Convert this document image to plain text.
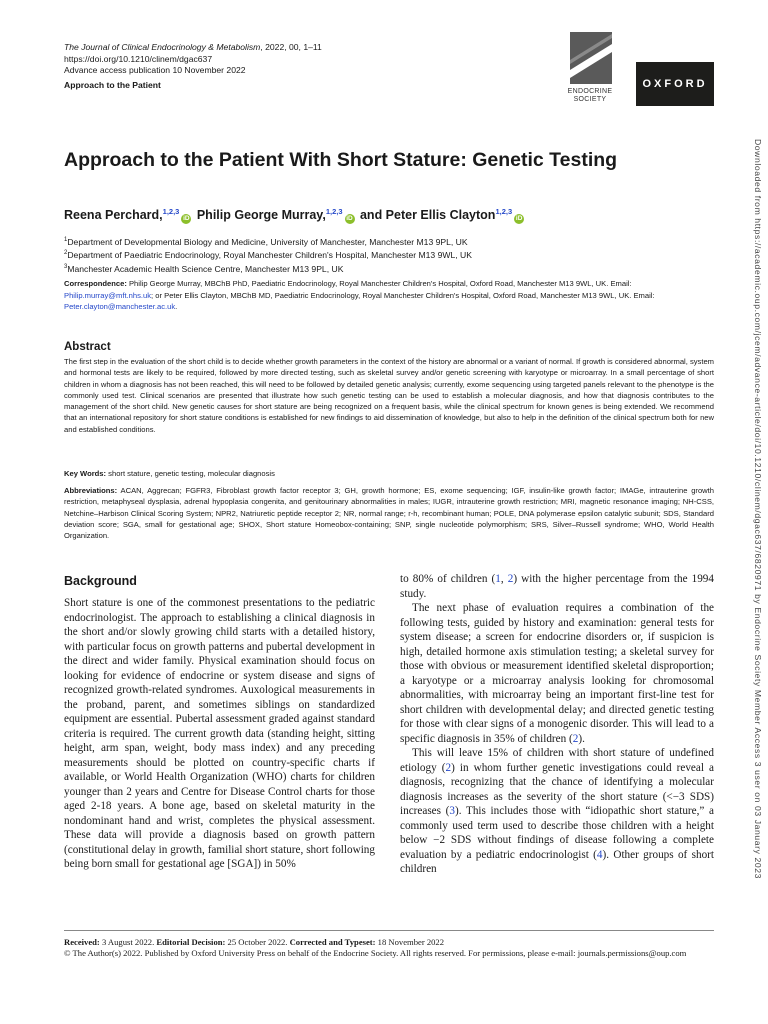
The Journal of Clinical Endocrinology & Metabolism, 2022, 00, 1–11
https://doi.org/10.1210/clinem/dgac637
Advance access publication 10 November 2022
Approach to the Patient
ENDOCRINE
SOCIETY
OXFORD
Approach to the Patient With Short Stature: Genetic Testing
Reena Perchard,$^{1,2,3}$iD Philip George Murray,$^{1,2,3}$iD and Peter Ellis Clayton$^{1,2,3}$iD
$^1$Department of Developmental Biology and Medicine, University of Manchester, Manchester M13 9PL, UK
$^2$Department of Paediatric Endocrinology, Royal Manchester Children's Hospital, Manchester M13 9WL, UK
$^3$Manchester Academic Health Science Centre, Manchester M13 9PL, UK
Correspondence: Philip George Murray, MBChB PhD, Paediatric Endocrinology, Royal Manchester Children's Hospital, Oxford Road, Manchester M13 9WL, UK. Email: Philip.murray@mft.nhs.uk; or Peter Ellis Clayton, MBChB MD, Paediatric Endocrinology, Royal Manchester Children's Hospital, Oxford Road, Manchester M13 9WL, UK. Email: Peter.clayton@manchester.ac.uk.
Abstract
The first step in the evaluation of the short child is to decide whether growth parameters in the context of the history are abnormal or a variant of normal. If growth is considered abnormal, system and hormonal tests are likely to be required, followed by more directed testing, such as skeletal survey and/or genetic screening with karyotype or microarray. In a small percentage of short children in whom a diagnosis has not been reached, this will need to be followed by detailed genetic analysis; currently, exome sequencing using targeted panels relevant to the phenotype is the commonly used test. Clinical scenarios are presented that illustrate how such genetic testing can be used to establish a molecular diagnosis, and how that diagnosis contributes to the management of the short child. New genetic causes for short stature are being recognized on a frequent basis, while the clinical spectrum for known genes is being extended. We recommend that an international repository for short stature conditions is established for new findings to aid dissemination of knowledge, but also to help in the definition of the clinical spectrum both for new and established conditions.
Key Words: short stature, genetic testing, molecular diagnosis
Abbreviations: ACAN, Aggrecan; FGFR3, Fibroblast growth factor receptor 3; GH, growth hormone; ES, exome sequencing; IGF, insulin-like growth factor; IMAGe, intrauterine growth restriction, metaphyseal dysplasia, adrenal hypoplasia congenita, and genitourinary abnormalities in males; IUGR, intrauterine growth restriction; MRI, magnetic resonance imaging; NH-CSS, Netchine–Harbison Clinical Scoring System; NPR2, Natriuretic peptide receptor 2; NR, normal range; r-h, recombinant human; POLE, DNA polymerase epsilon catalytic subunit; SDS, Standard deviation score; SGA, small for gestational age; SHOX, Short stature Homeobox-containing; SNP, single nucleotide polymorphism; SRS, Silver–Russell syndrome; WHO, World Health Organization.
Background

Short stature is one of the commonest presentations to the pediatric endocrinologist. The approach to establishing a clinical diagnosis in the short and/or slowly growing child starts with a detailed history, with particular focus on growth patterns and pubertal development in the direct and wider family. Physical examination should focus on looking for evidence of endocrine or system disease and signs of recognized growth-related syndromes. Auxological measurements in the proband, parent, and sometimes siblings on standardized equipment are essential. Pubertal assessment graded against standard criteria is required. The current growth data (standing height, sitting height, arm span, weight, body mass index) and any preceding measurements should be plotted on country-specific charts if available, or World Health Organization (WHO) charts for children younger than 2 years and Centre for Disease Control charts for those aged 2-18 years. A bone age, based on skeletal maturity in the nondominant hand and wrist, completes the physical assessment. These data will provide a diagnosis based on growth pattern (constitutional delay in growth, familial short stature, short following being born small for gestational age [SGA]) in 50%

to 80% of children (1, 2) with the higher percentage from the 1994 study.

The next phase of evaluation requires a combination of the following tests, guided by history and examination: general tests for system disease; a screen for endocrine disorders or, if suspicion is high, detailed hormone axis stimulation testing; a skeletal survey for those with obvious or measurement identified skeletal disproportion; a karyotype or a microarray analysis looking for chromosomal abnormalities, with microarray being an important first-line test for short children with developmental delay; and directed genetic testing for those with clear signs of a monogenic disorder. This will lead to a specific diagnosis in 35% of children (2).

This will leave 15% of children with short stature of undefined etiology (2) in whom further genetic investigations could reveal a diagnosis, recognizing that the chance of identifying a molecular diagnosis increases as the severity of the short stature (<−3 SDS) increases (3). This includes those with “idiopathic short stature,” a commonly used term used to describe those children with a height below −2 SDS without findings of disease following a complete evaluation by a pediatric endocrinologist (4). Other groups of short children

Received: 3 August 2022. Editorial Decision: 25 October 2022. Corrected and Typeset: 18 November 2022
© The Author(s) 2022. Published by Oxford University Press on behalf of the Endocrine Society. All rights reserved. For permissions, please e-mail: journals.permissions@oup.com
Downloaded from https://academic.oup.com/jcem/advance-article/doi/10.1210/clinem/dgac637/6820971 by Endocrine Society Member Access 3 user on 03 January 2023
